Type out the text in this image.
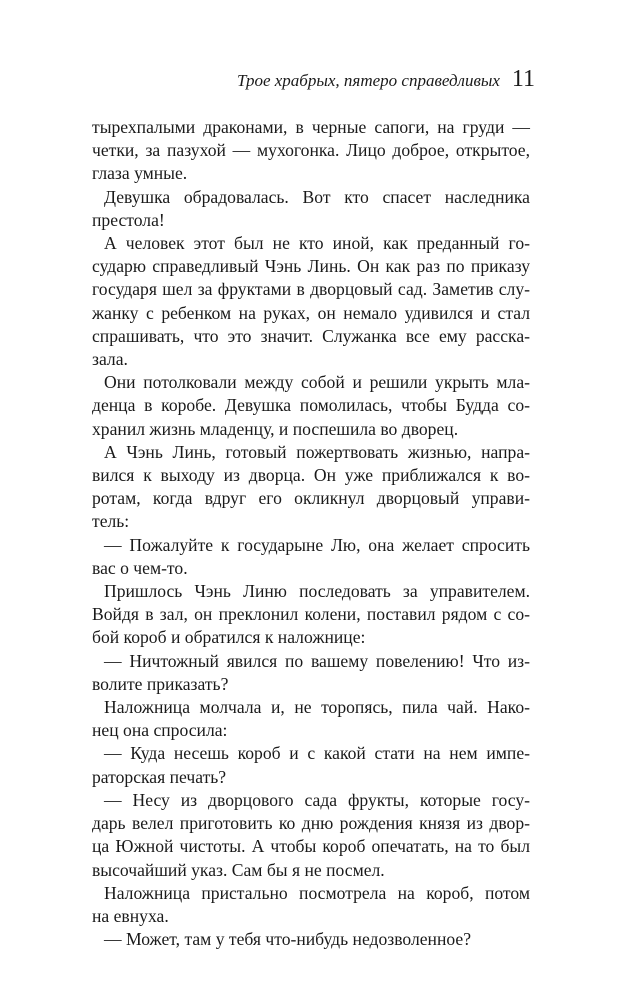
Трое храбрых, пятеро справедливых 11
тырехпалыми драконами, в черные сапоги, на груди —
четки, за пазухой — мухогонка. Лицо доброе, открытое,
глаза умные.
Девушка обрадовалась. Вот кто спасет наследника
престола!
А человек этот был не кто иной, как преданный го-
сударю справедливый Чэнь Линь. Он как раз по приказу
государя шел за фруктами в дворцовый сад. Заметив слу-
жанку с ребенком на руках, он немало удивился и стал
спрашивать, что это значит. Служанка все ему расска-
зала.
Они потолковали между собой и решили укрыть мла-
денца в коробе. Девушка помолилась, чтобы Будда со-
хранил жизнь младенцу, и поспешила во дворец.
А Чэнь Линь, готовый пожертвовать жизнью, напра-
вился к выходу из дворца. Он уже приближался к во-
ротам, когда вдруг его окликнул дворцовый управи-
тель:
— Пожалуйте к государыне Лю, она желает спросить
вас о чем-то.
Пришлось Чэнь Линю последовать за управителем.
Войдя в зал, он преклонил колени, поставил рядом с со-
бой короб и обратился к наложнице:
— Ничтожный явился по вашему повелению! Что из-
волите приказать?
Наложница молчала и, не торопясь, пила чай. Нако-
нец она спросила:
— Куда несешь короб и с какой стати на нем импе-
раторская печать?
— Несу из дворцового сада фрукты, которые госу-
дарь велел приготовить ко дню рождения князя из двор-
ца Южной чистоты. А чтобы короб опечатать, на то был
высочайший указ. Сам бы я не посмел.
Наложница пристально посмотрела на короб, потом
на евнуха.
— Может, там у тебя что-нибудь недозволенное?
